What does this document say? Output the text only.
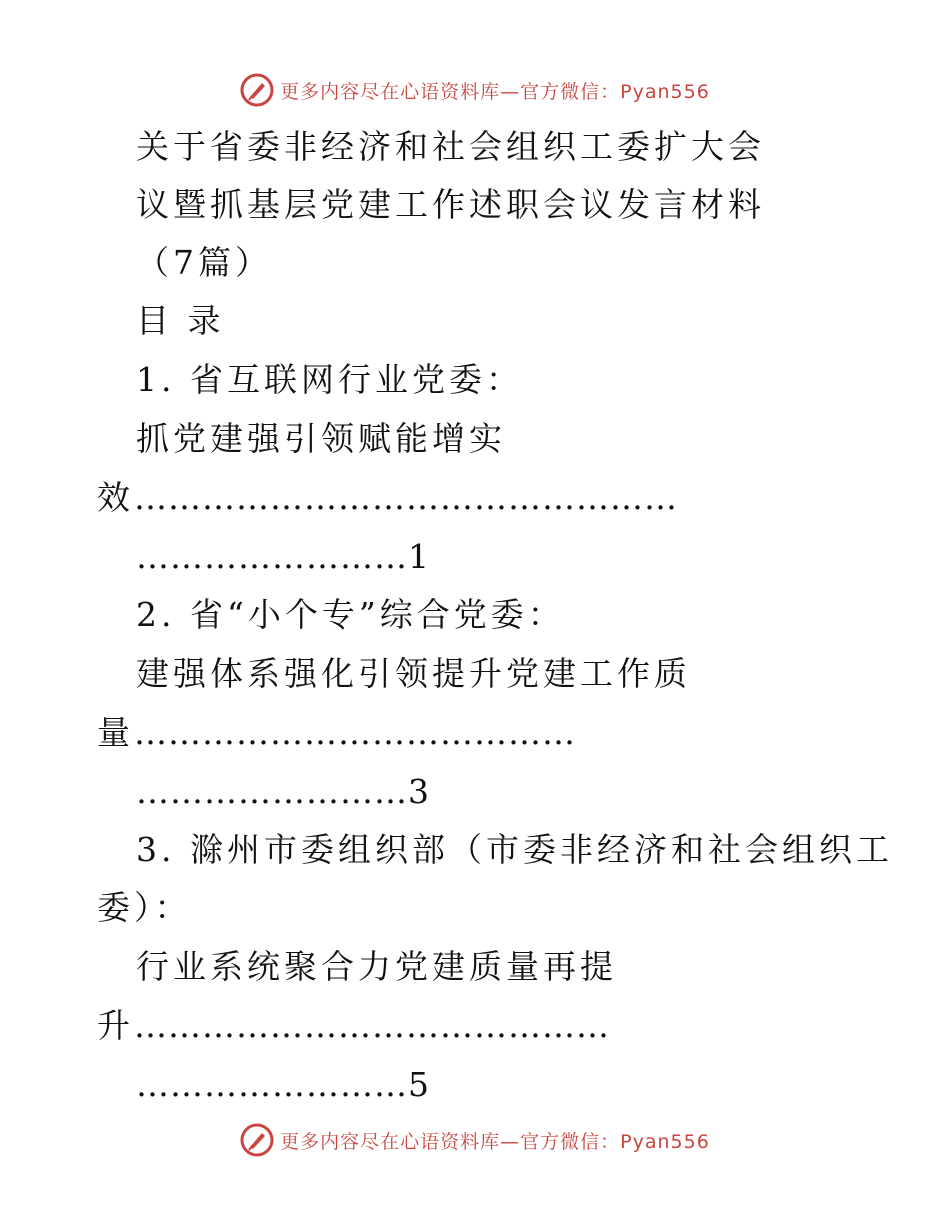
更多内容尽在心语资料库—官方微信：Pyan556
关于省委非经济和社会组织工委扩大会
议暨抓基层党建工作述职会议发言材料
（7篇）
目 录
1. 省互联网行业党委：
抓党建强引领赋能增实
效…………………………………………
……………………1
2. 省“小个专”综合党委：
建强体系强化引领提升党建工作质
量…………………………………
……………………3
3. 滁州市委组织部（市委非经济和社会组织工
委）：
行业系统聚合力党建质量再提
升……………………………………
……………………5
更多内容尽在心语资料库—官方微信：Pyan556
